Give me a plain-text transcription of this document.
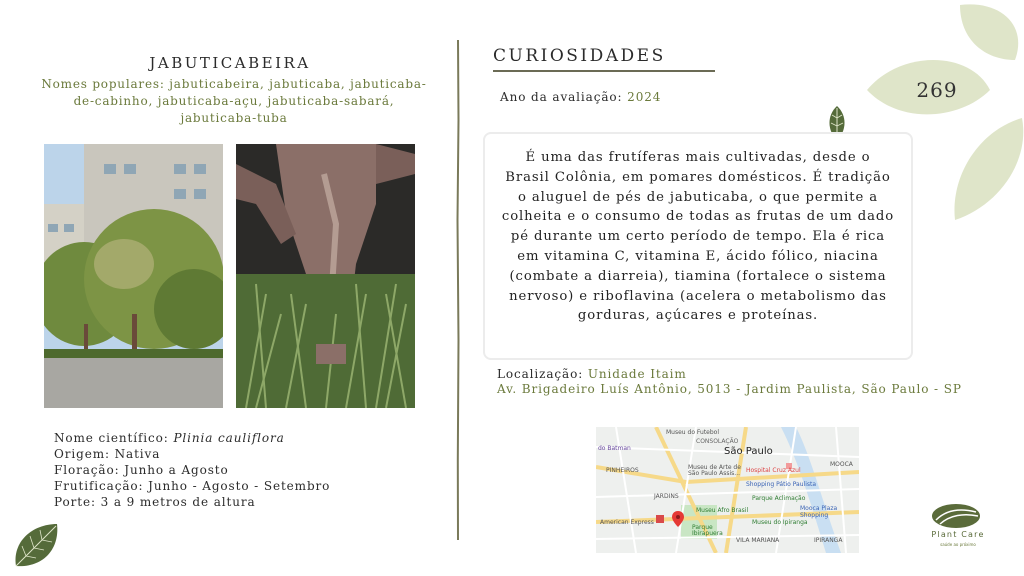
269
JABUTICABEIRA
Nomes populares: jabuticabeira, jabuticaba, jabuticaba-de-cabinho, jabuticaba-açu, jabuticaba-sabará, jabuticaba-tuba
Nome científico: Plinia cauliflora
Origem: Nativa
Floração: Junho a Agosto
Frutificação: Junho - Agosto - Setembro
Porte: 3 a 9 metros de altura
CURIOSIDADES
Ano da avaliação: 2024

É uma das frutíferas mais cultivadas, desde o Brasil Colônia, em pomares domésticos. É tradição o aluguel de pés de jabuticaba, o que permite a colheita e o consumo de todas as frutas de um dado pé durante um certo período de tempo. Ela é rica em vitamina C, vitamina E, ácido fólico, niacina (combate a diarreia), tiamina (fortalece o sistema nervoso) e riboflavina (acelera o metabolismo das gorduras, açúcares e proteínas.

Localização: Unidade Itaim
Av. Brigadeiro Luís Antônio, 5013 - Jardim Paulista, São Paulo - SP
Museu do Futebol
do Batman
CONSOLAÇÃO
São Paulo
PINHEIROS	Museu de Arte de São Paulo Assis... Hospital Cruz Azul
MOOCA
Shopping Pátio Paulista
JARDINS	Parque Aclimação
Mooca Plaza Shopping
Museu Afro Brasil
American Express	Museu do Ipiranga
Parque Ibirapuera
VILA MARIANA	IPIRANGA
Plant Care
saúde ao próximo
